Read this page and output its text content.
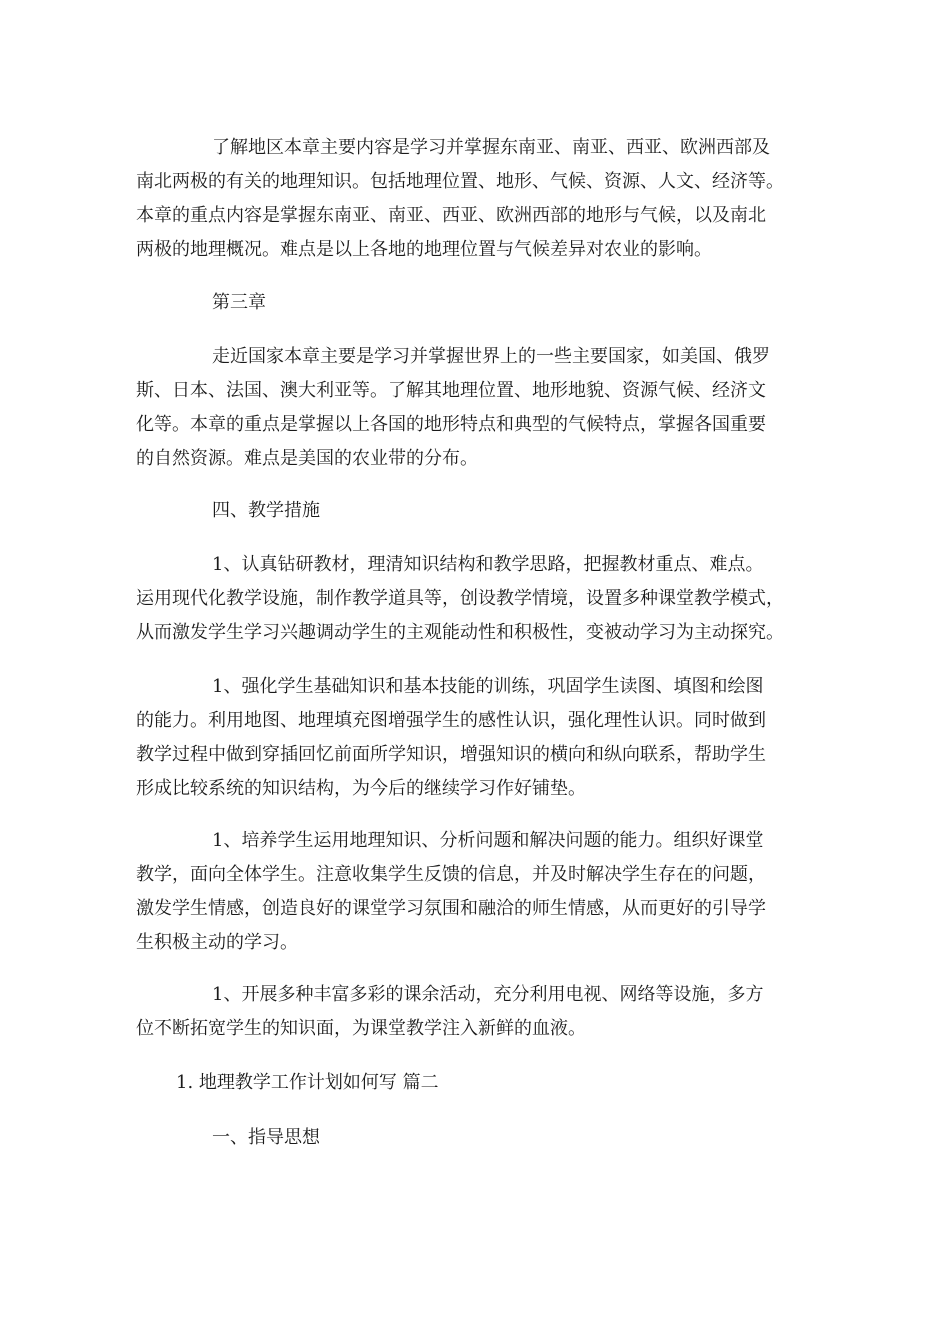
了解地区本章主要内容是学习并掌握东南亚、南亚、西亚、欧洲西部及
南北两极的有关的地理知识。包括地理位置、地形、气候、资源、人文、经济等。
本章的重点内容是掌握东南亚、南亚、西亚、欧洲西部的地形与气候，以及南北
两极的地理概况。难点是以上各地的地理位置与气候差异对农业的影响。
第三章
走近国家本章主要是学习并掌握世界上的一些主要国家，如美国、俄罗
斯、日本、法国、澳大利亚等。了解其地理位置、地形地貌、资源气候、经济文
化等。本章的重点是掌握以上各国的地形特点和典型的气候特点，掌握各国重要
的自然资源。难点是美国的农业带的分布。
四、教学措施
1、认真钻研教材，理清知识结构和教学思路，把握教材重点、难点。
运用现代化教学设施，制作教学道具等，创设教学情境，设置多种课堂教学模式，
从而激发学生学习兴趣调动学生的主观能动性和积极性，变被动学习为主动探究。
1、强化学生基础知识和基本技能的训练，巩固学生读图、填图和绘图
的能力。利用地图、地理填充图增强学生的感性认识，强化理性认识。同时做到
教学过程中做到穿插回忆前面所学知识，增强知识的横向和纵向联系，帮助学生
形成比较系统的知识结构，为今后的继续学习作好铺垫。
1、培养学生运用地理知识、分析问题和解决问题的能力。组织好课堂
教学，面向全体学生。注意收集学生反馈的信息，并及时解决学生存在的问题，
激发学生情感，创造良好的课堂学习氛围和融洽的师生情感，从而更好的引导学
生积极主动的学习。
1、开展多种丰富多彩的课余活动，充分利用电视、网络等设施，多方
位不断拓宽学生的知识面，为课堂教学注入新鲜的血液。
1. 地理教学工作计划如何写 篇二
一、指导思想
